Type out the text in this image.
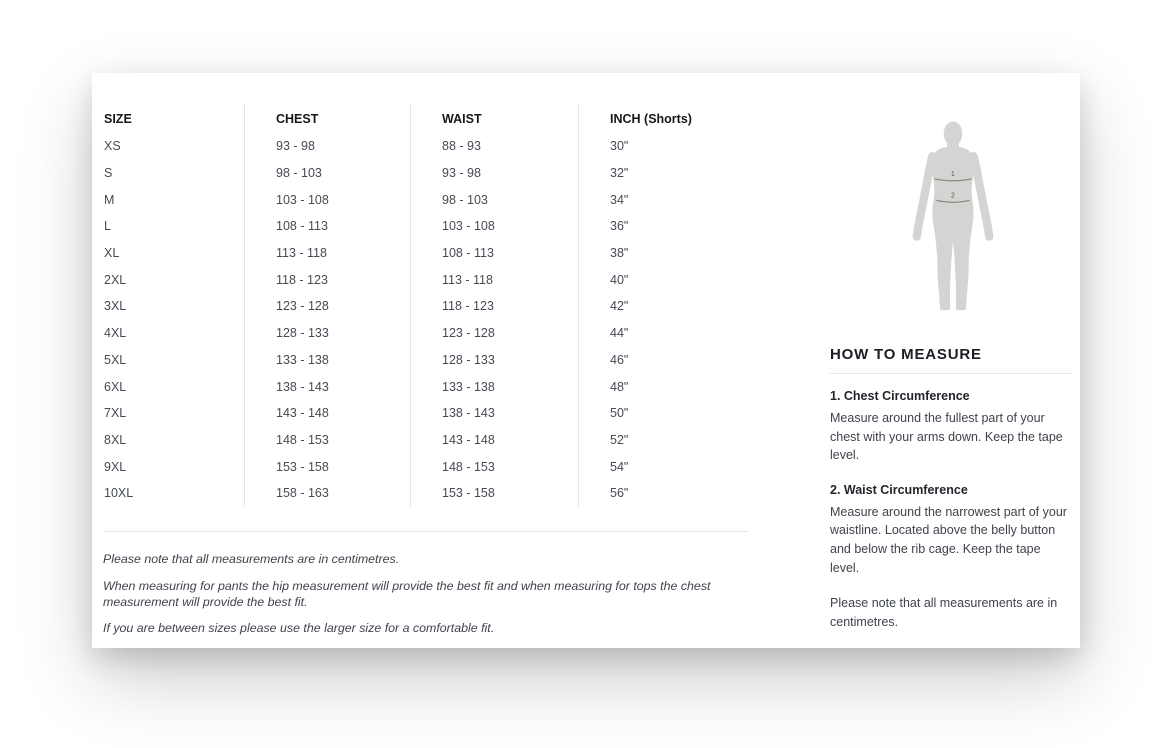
SIZE	CHEST	WAIST	INCH (Shorts)
XS	93 - 98	88 - 93	30"
S	98 - 103	93 - 98	32"
M	103 - 108	98 - 103	34"
L	108 - 113	103 - 108	36"
XL	113 - 118	108 - 113	38"
2XL	118 - 123	113 - 118	40"
3XL	123 - 128	118 - 123	42"
4XL	128 - 133	123 - 128	44"
5XL	133 - 138	128 - 133	46"
6XL	138 - 143	133 - 138	48"
7XL	143 - 148	138 - 143	50"
8XL	148 - 153	143 - 148	52"
9XL	153 - 158	148 - 153	54"
10XL	158 - 163	153 - 158	56"

Please note that all measurements are in centimetres.

When measuring for pants the hip measurement will provide the best fit and when measuring for tops the chest measurement will provide the best fit.

If you are between sizes please use the larger size for a comfortable fit.

1
2
HOW TO MEASURE
1. Chest Circumference
Measure around the fullest part of your chest with your arms down. Keep the tape level.
2. Waist Circumference
Measure around the narrowest part of your waistline. Located above the belly button and below the rib cage. Keep the tape level.
Please note that all measurements are in centimetres.
